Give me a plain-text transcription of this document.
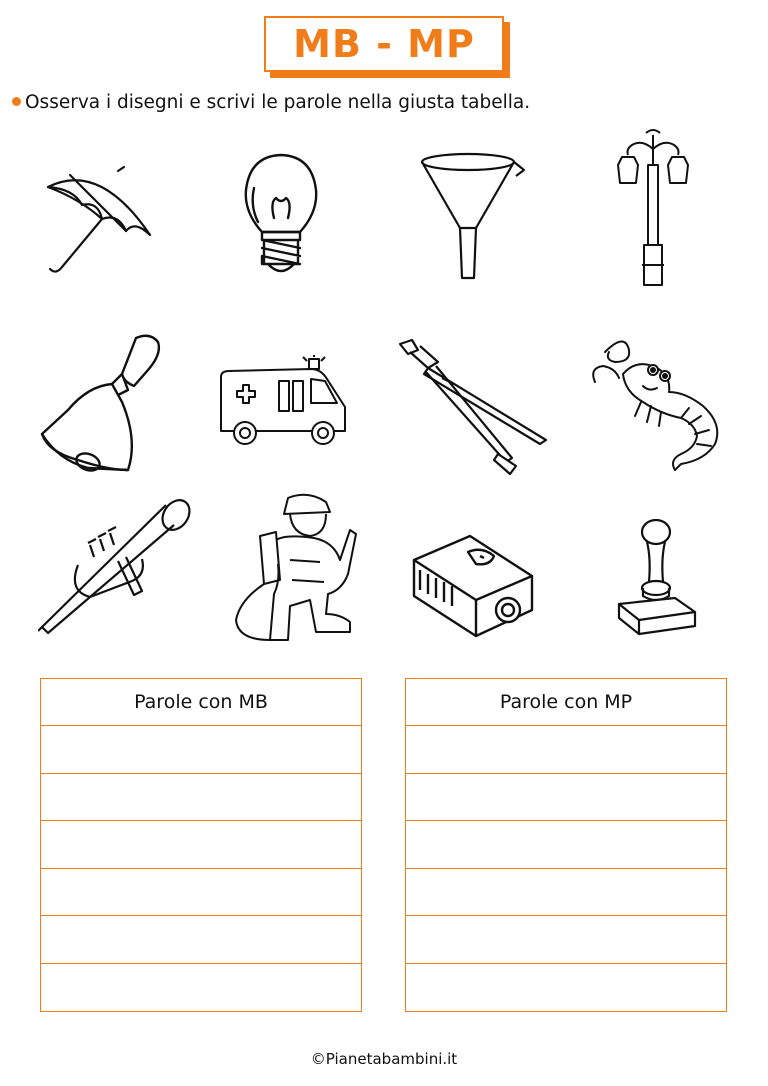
MB - MP
Osserva i disegni e scrivi le parole nella giusta tabella.
Parole con MB	Parole con MP
©Pianetabambini.it
